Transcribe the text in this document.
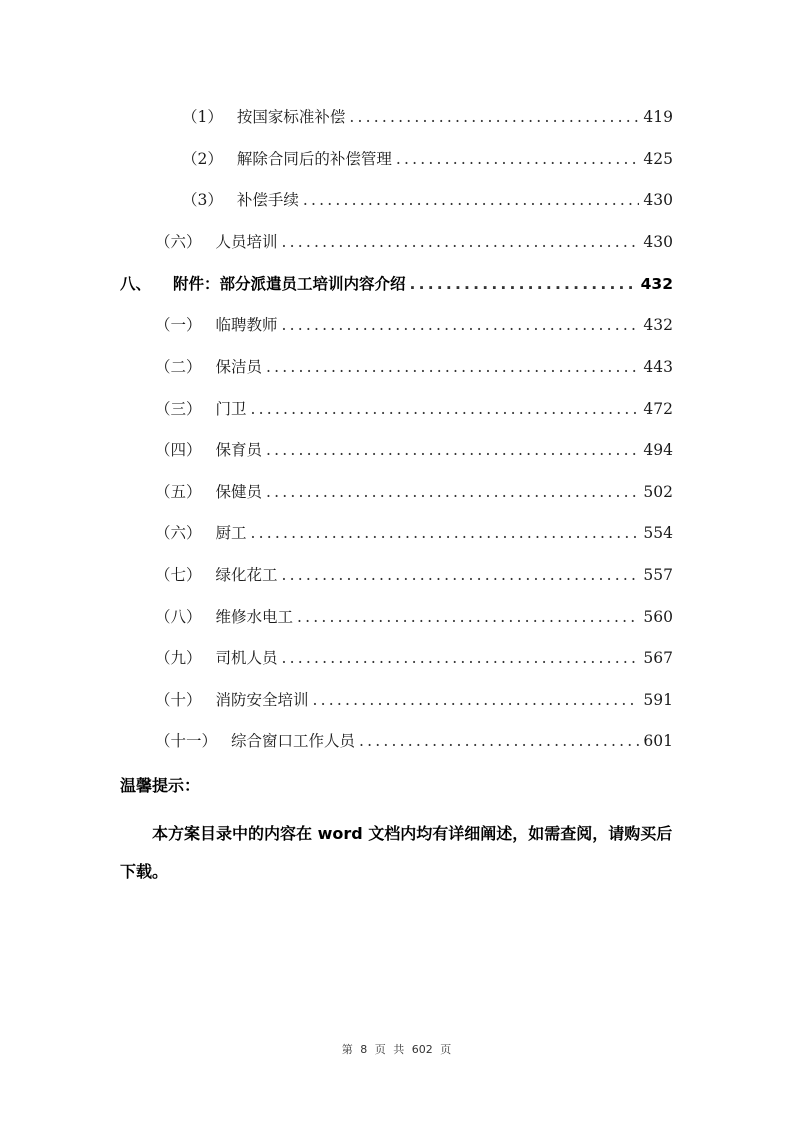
（1） 按国家标准补偿 .....	419
（2） 解除合同后的补偿管理 .....	425
（3） 补偿手续 .....	430
（六） 人员培训 .....	430
八、 附件：部分派遣员工培训内容介绍 .....	432
（一） 临聘教师 .....	432
（二） 保洁员 .....	443
（三） 门卫 .....	472
（四） 保育员 .....	494
（五） 保健员 .....	502
（六） 厨工 .....	554
（七） 绿化花工 .....	557
（八） 维修水电工 .....	560
（九） 司机人员 .....	567
（十） 消防安全培训 .....	591
（十一） 综合窗口工作人员 .....	601
温馨提示：
本方案目录中的内容在 word 文档内均有详细阐述，如需查阅，请购买后下载。
第 8 页 共 602 页
